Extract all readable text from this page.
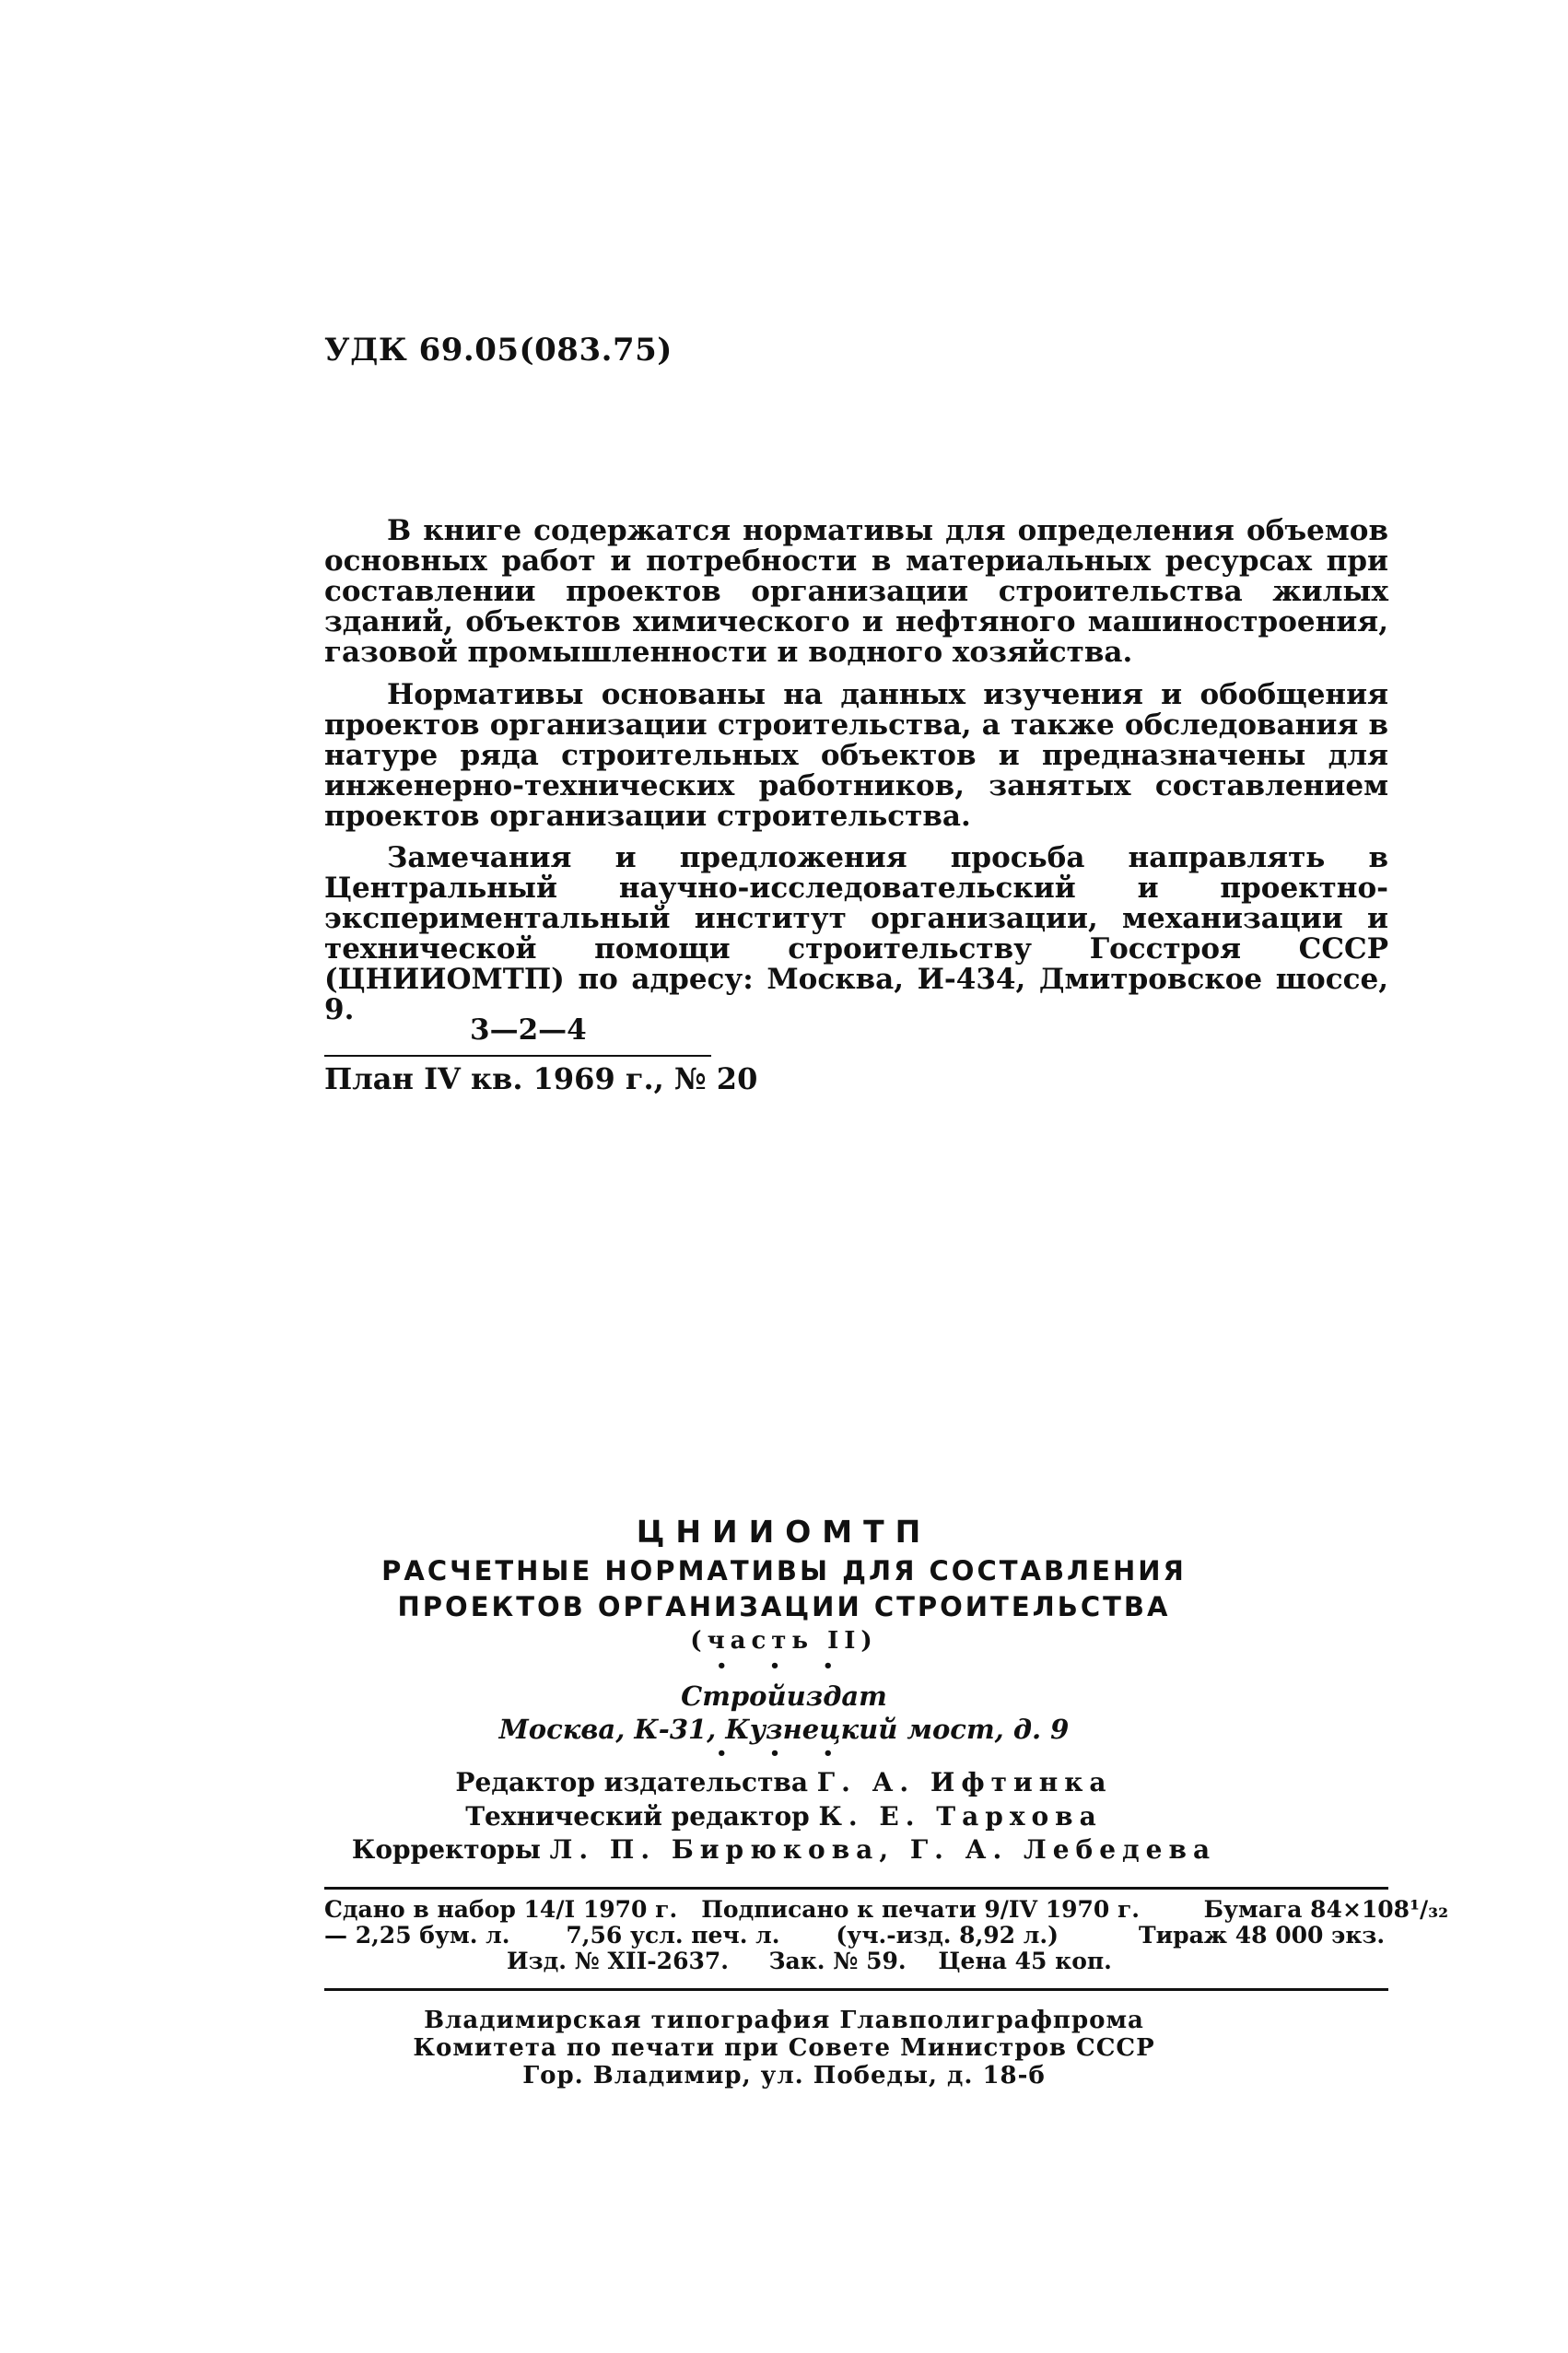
УДК 69.05(083.75)
В книге содержатся нормативы для определения объемов основных работ и потребности в материальных ресурсах при составлении проектов организации строительства жилых зданий, объектов химического и нефтяного машиностроения, газовой промышленности и водного хозяйства.
Нормативы основаны на данных изучения и обобщения проектов организации строительства, а также обследования в натуре ряда строительных объектов и предназначены для инженерно-технических работников, занятых составлением проектов организации строительства.
Замечания и предложения просьба направлять в Центральный научно-исследовательский и проектно-экспериментальный институт организации, механизации и технической помощи строительству Госстроя СССР (ЦНИИОМТП) по адресу: Москва, И-434, Дмитровское шоссе, 9.
3—2—4
План IV кв. 1969 г., № 20
ЦНИИОМТП
РАСЧЕТНЫЕ НОРМАТИВЫ ДЛЯ СОСТАВЛЕНИЯ
ПРОЕКТОВ ОРГАНИЗАЦИИ СТРОИТЕЛЬСТВА
(часть II)
• • •
Стройиздат
Москва, К-31, Кузнецкий мост, д. 9
• • •
Редактор издательства Г. А. Ифтинка
Технический редактор К. Е. Тархова
Корректоры Л. П. Бирюкова, Г. А. Лебедева
Сдано в набор 14/I 1970 г. Подписано к печати 9/IV 1970 г.	Бумага 84×108¹/₃₂
— 2,25 бум. л. 7,56 усл. печ. л. (уч.-изд. 8,92 л.)	Тираж 48 000 экз.
Изд. № XII-2637. Зак. № 59. Цена 45 коп.
Владимирская типография Главполиграфпрома
Комитета по печати при Совете Министров СССР
Гор. Владимир, ул. Победы, д. 18-б
